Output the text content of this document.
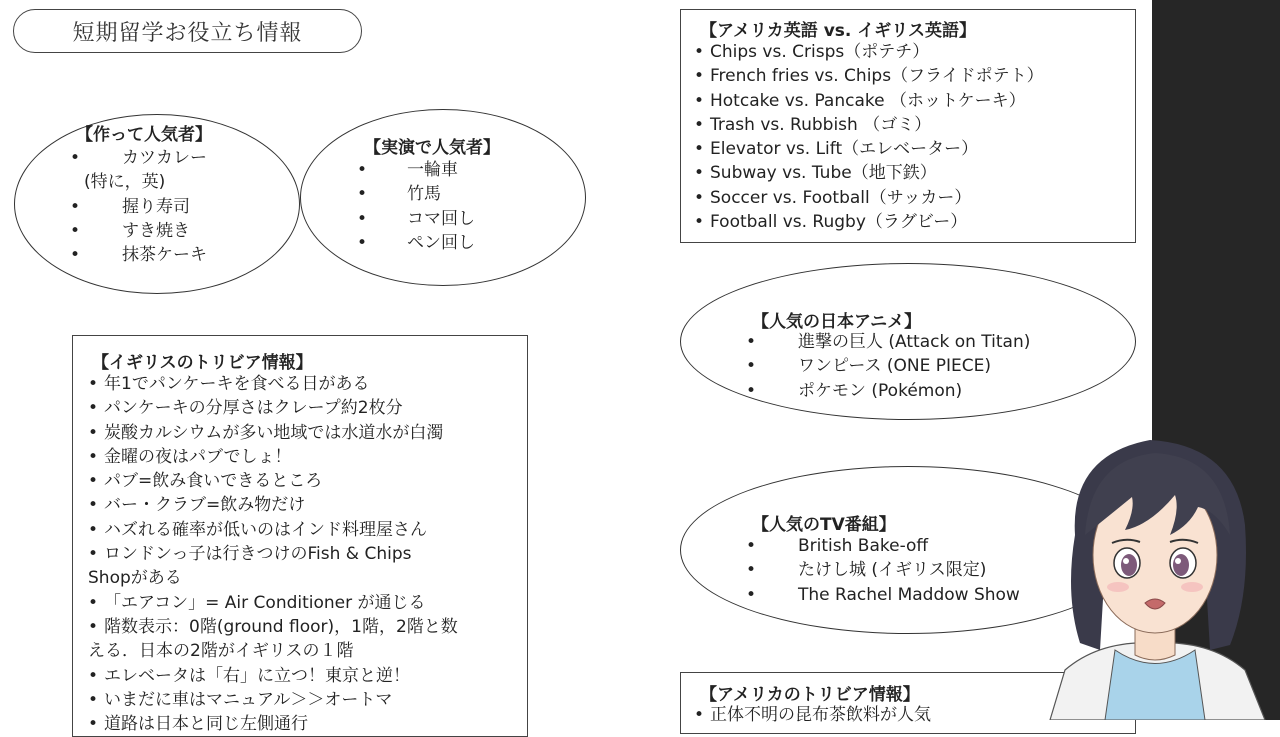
短期留学お役立ち情報
【作って人気者】
• カツカレー
(特に，英)
• 握り寿司
• すき焼き
• 抹茶ケーキ
【実演で人気者】
• 一輪車
• 竹馬
• コマ回し
• ペン回し
【アメリカ英語 vs. イギリス英語】
• Chips vs. Crisps（ポテチ）
• French fries vs. Chips（フライドポテト）
• Hotcake vs. Pancake （ホットケーキ）
• Trash vs. Rubbish （ゴミ）
• Elevator vs. Lift（エレベーター）
• Subway vs. Tube（地下鉄）
• Soccer vs. Football（サッカー）
• Football vs. Rugby（ラグビー）
【人気の日本アニメ】
• 進撃の巨人 (Attack on Titan)
• ワンピース (ONE PIECE)
• ポケモン (Pokémon)
【人気のTV番組】
• British Bake-off
• たけし城 (イギリス限定)
• The Rachel Maddow Show
【イギリスのトリビア情報】
• 年1でパンケーキを食べる日がある
• パンケーキの分厚さはクレープ約2枚分
• 炭酸カルシウムが多い地域では水道水が白濁
• 金曜の夜はパブでしょ！
• パブ=飲み食いできるところ
• バー・クラブ=飲み物だけ
• ハズれる確率が低いのはインド料理屋さん
• ロンドンっ子は行きつけのFish & Chips
Shopがある
• 「エアコン」= Air Conditioner が通じる
• 階数表示：0階(ground floor)，1階，2階と数
える．日本の2階がイギリスの１階
• エレベータは「右」に立つ！東京と逆！
• いまだに車はマニュアル＞＞オートマ
• 道路は日本と同じ左側通行
【アメリカのトリビア情報】
• 正体不明の昆布茶飲料が人気
